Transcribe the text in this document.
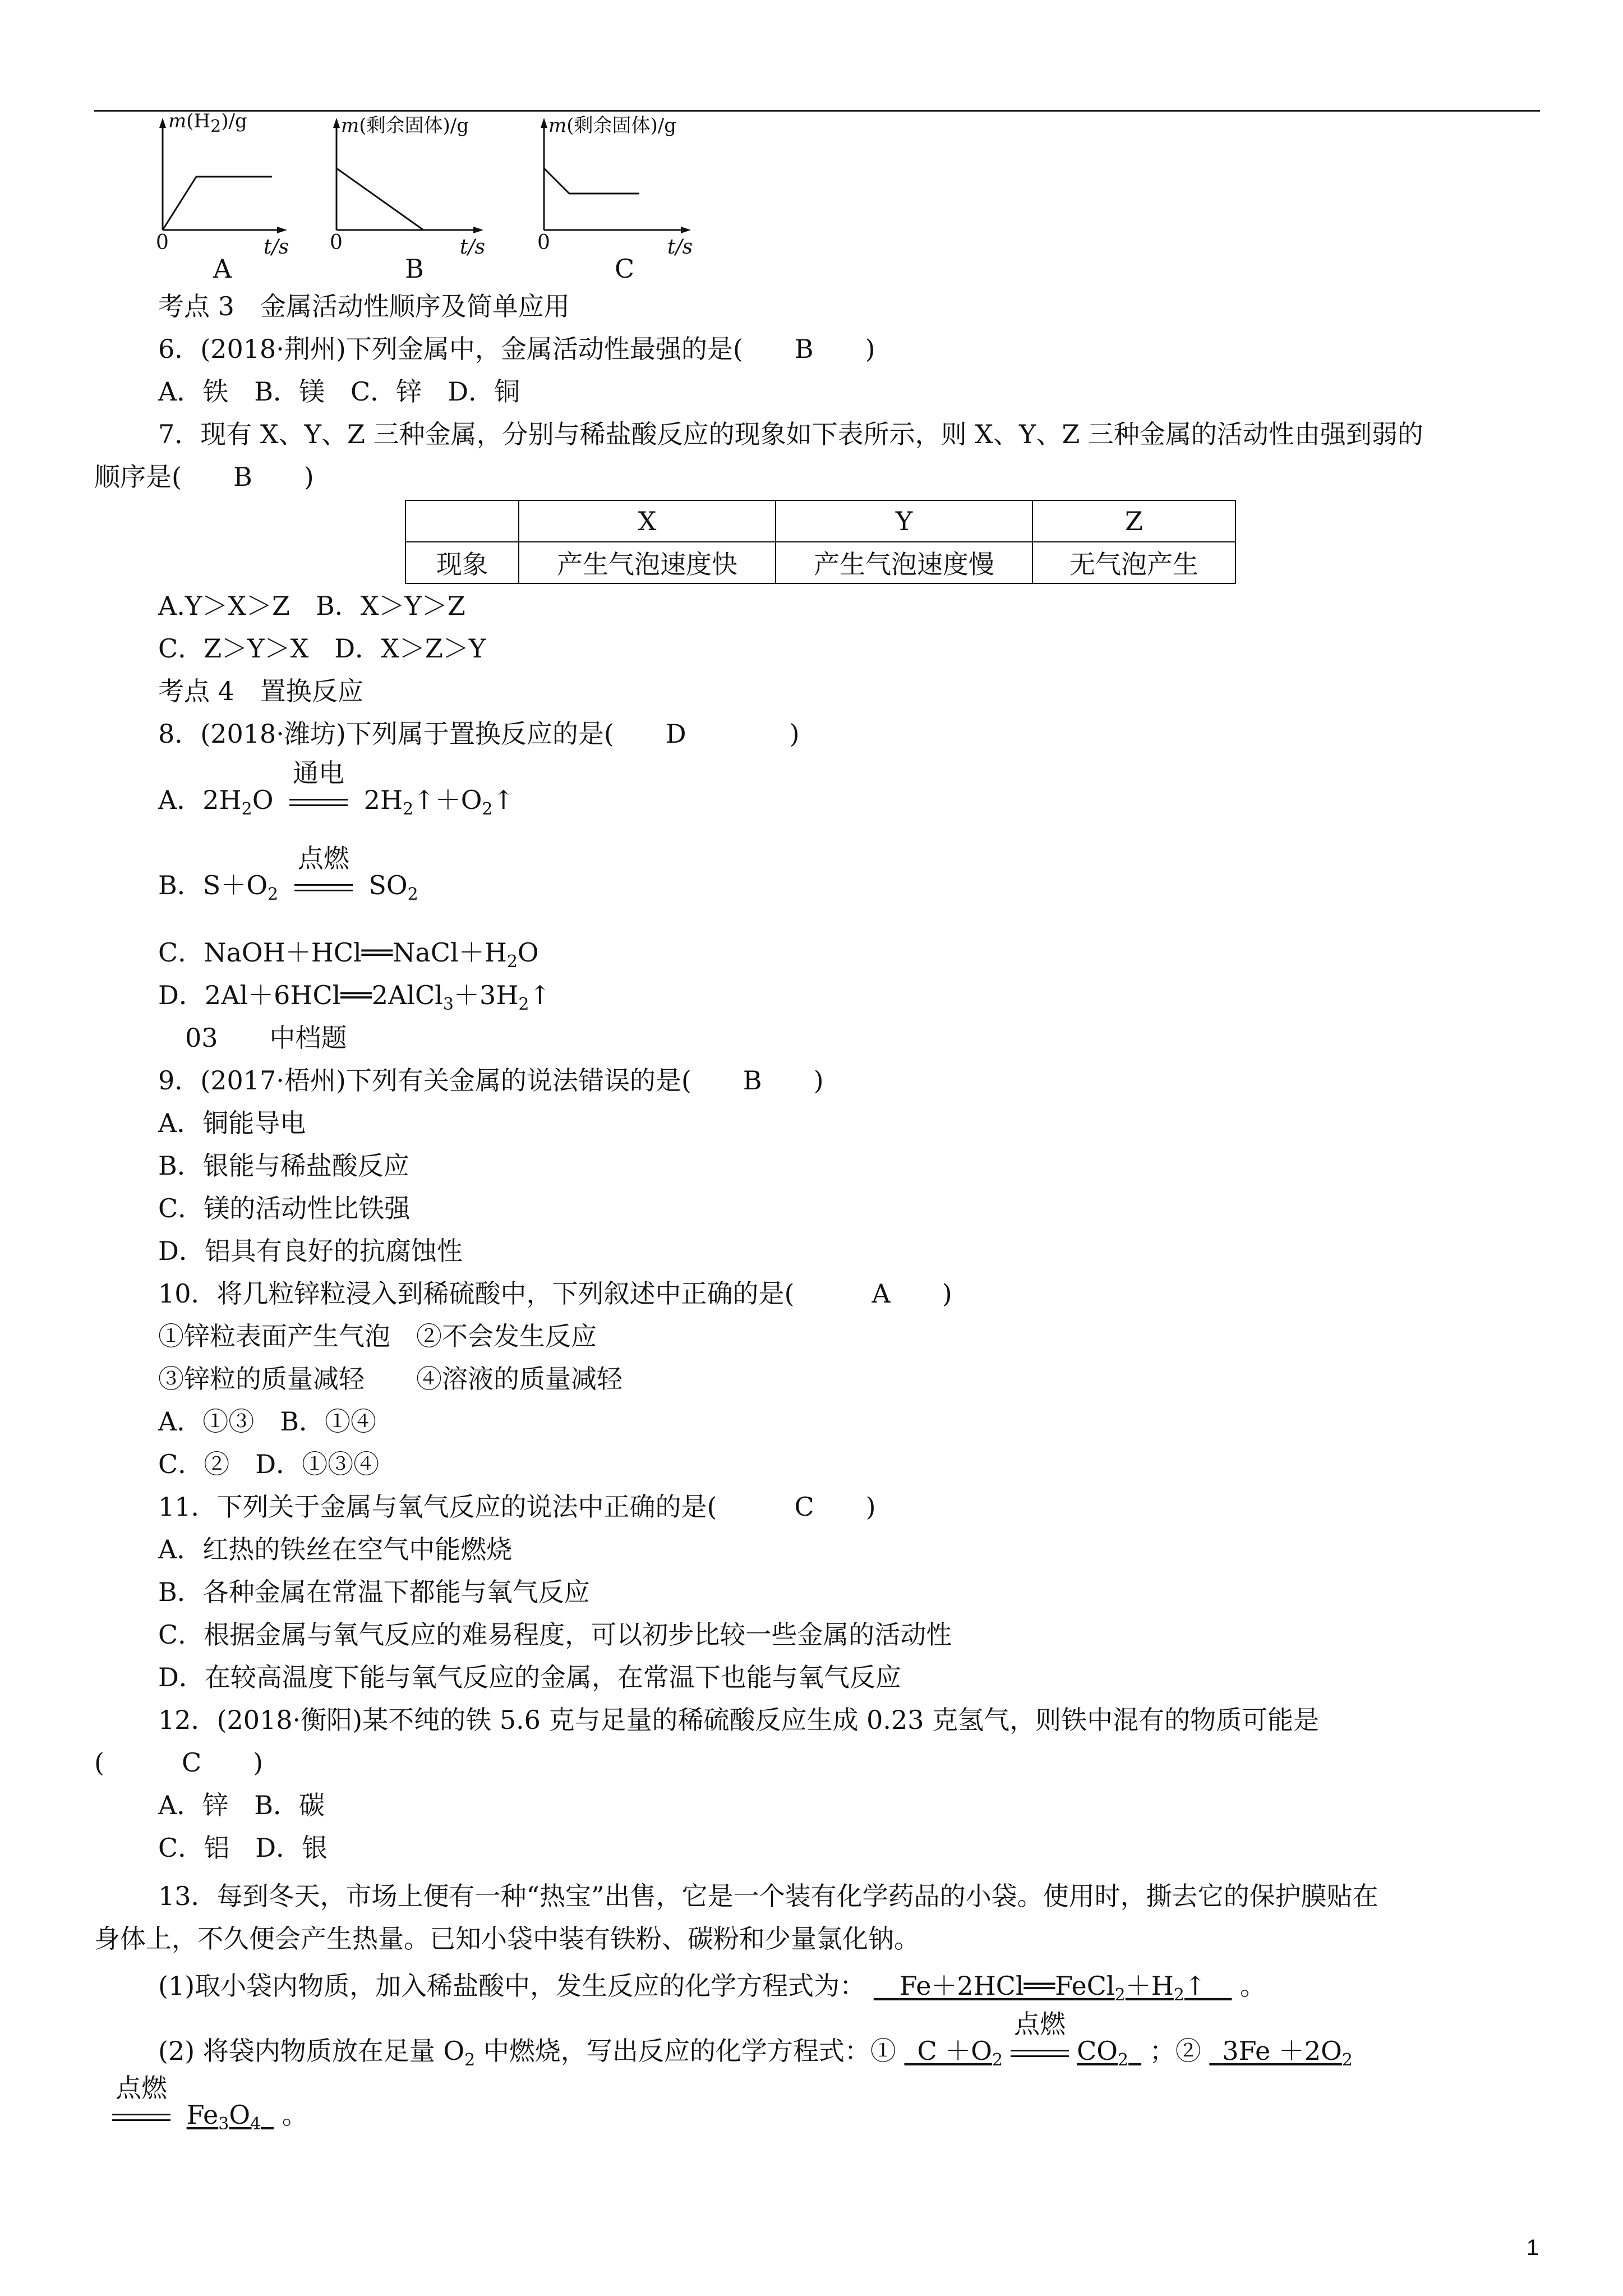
$m(H_2)/g$
0	t/s
A
m(剩余固体)/g
0	t/s
B
m(剩余固体)/g
0	t/s
C
考点 3　金属活动性顺序及简单应用
6．(2018·荆州)下列金属中，金属活动性最强的是(　　B　　)
A．铁　B．镁　C．锌　D．铜
7．现有 X、Y、Z 三种金属，分别与稀盐酸反应的现象如下表所示，则 X、Y、Z 三种金属的活动性由强到弱的
顺序是(　　B　　)
	X	Y	Z
现象	产生气泡速度快	产生气泡速度慢	无气泡产生
A.Y＞X＞Z　B．X＞Y＞Z
C．Z＞Y＞X　D．X＞Z＞Y
考点 4　置换反应
8．(2018·潍坊)下列属于置换反应的是(　　D　　　　)
A．$2H_2O$
通电
$2H_2↑+O_2↑$
B．$S+O_2$
点燃
$SO_2$
C．$NaOH+HCl══NaCl+H_2O$
D．$2Al+6HCl══2AlCl_3+3H_2↑$
03　　中档题
9．(2017·梧州)下列有关金属的说法错误的是(　　B　　)
A．铜能导电
B．银能与稀盐酸反应
C．镁的活动性比铁强
D．铝具有良好的抗腐蚀性
10．将几粒锌粒浸入到稀硫酸中，下列叙述中正确的是(　　　A　　)
①锌粒表面产生气泡　②不会发生反应
③锌粒的质量减轻　　④溶液的质量减轻
A．①③　B．①④
C．②　D．①③④
11．下列关于金属与氧气反应的说法中正确的是(　　　C　　)
A．红热的铁丝在空气中能燃烧
B．各种金属在常温下都能与氧气反应
C．根据金属与氧气反应的难易程度，可以初步比较一些金属的活动性
D．在较高温度下能与氧气反应的金属，在常温下也能与氧气反应
12．(2018·衡阳)某不纯的铁 5.6 克与足量的稀硫酸反应生成 0.23 克氢气，则铁中混有的物质可能是
(　　　C　　)
A．锌　B．碳
C．铝　D．银
13．每到冬天，市场上便有一种“热宝”出售，它是一个装有化学药品的小袋。使用时，撕去它的保护膜贴在
身体上，不久便会产生热量。已知小袋中装有铁粉、碳粉和少量氯化钠。
(1)取小袋内物质，加入稀盐酸中，发生反应的化学方程式为： 　 $Fe+2HCl══FeCl_2+H_2↑$　 。
(2) 将袋内物质放在足量 $O_2$ 中燃烧，写出反应的化学方程式：①   $C +O_2$
点燃
$CO_2$  ；②   $3Fe +2O_2$
点燃
$Fe_3O_4$  。
1
